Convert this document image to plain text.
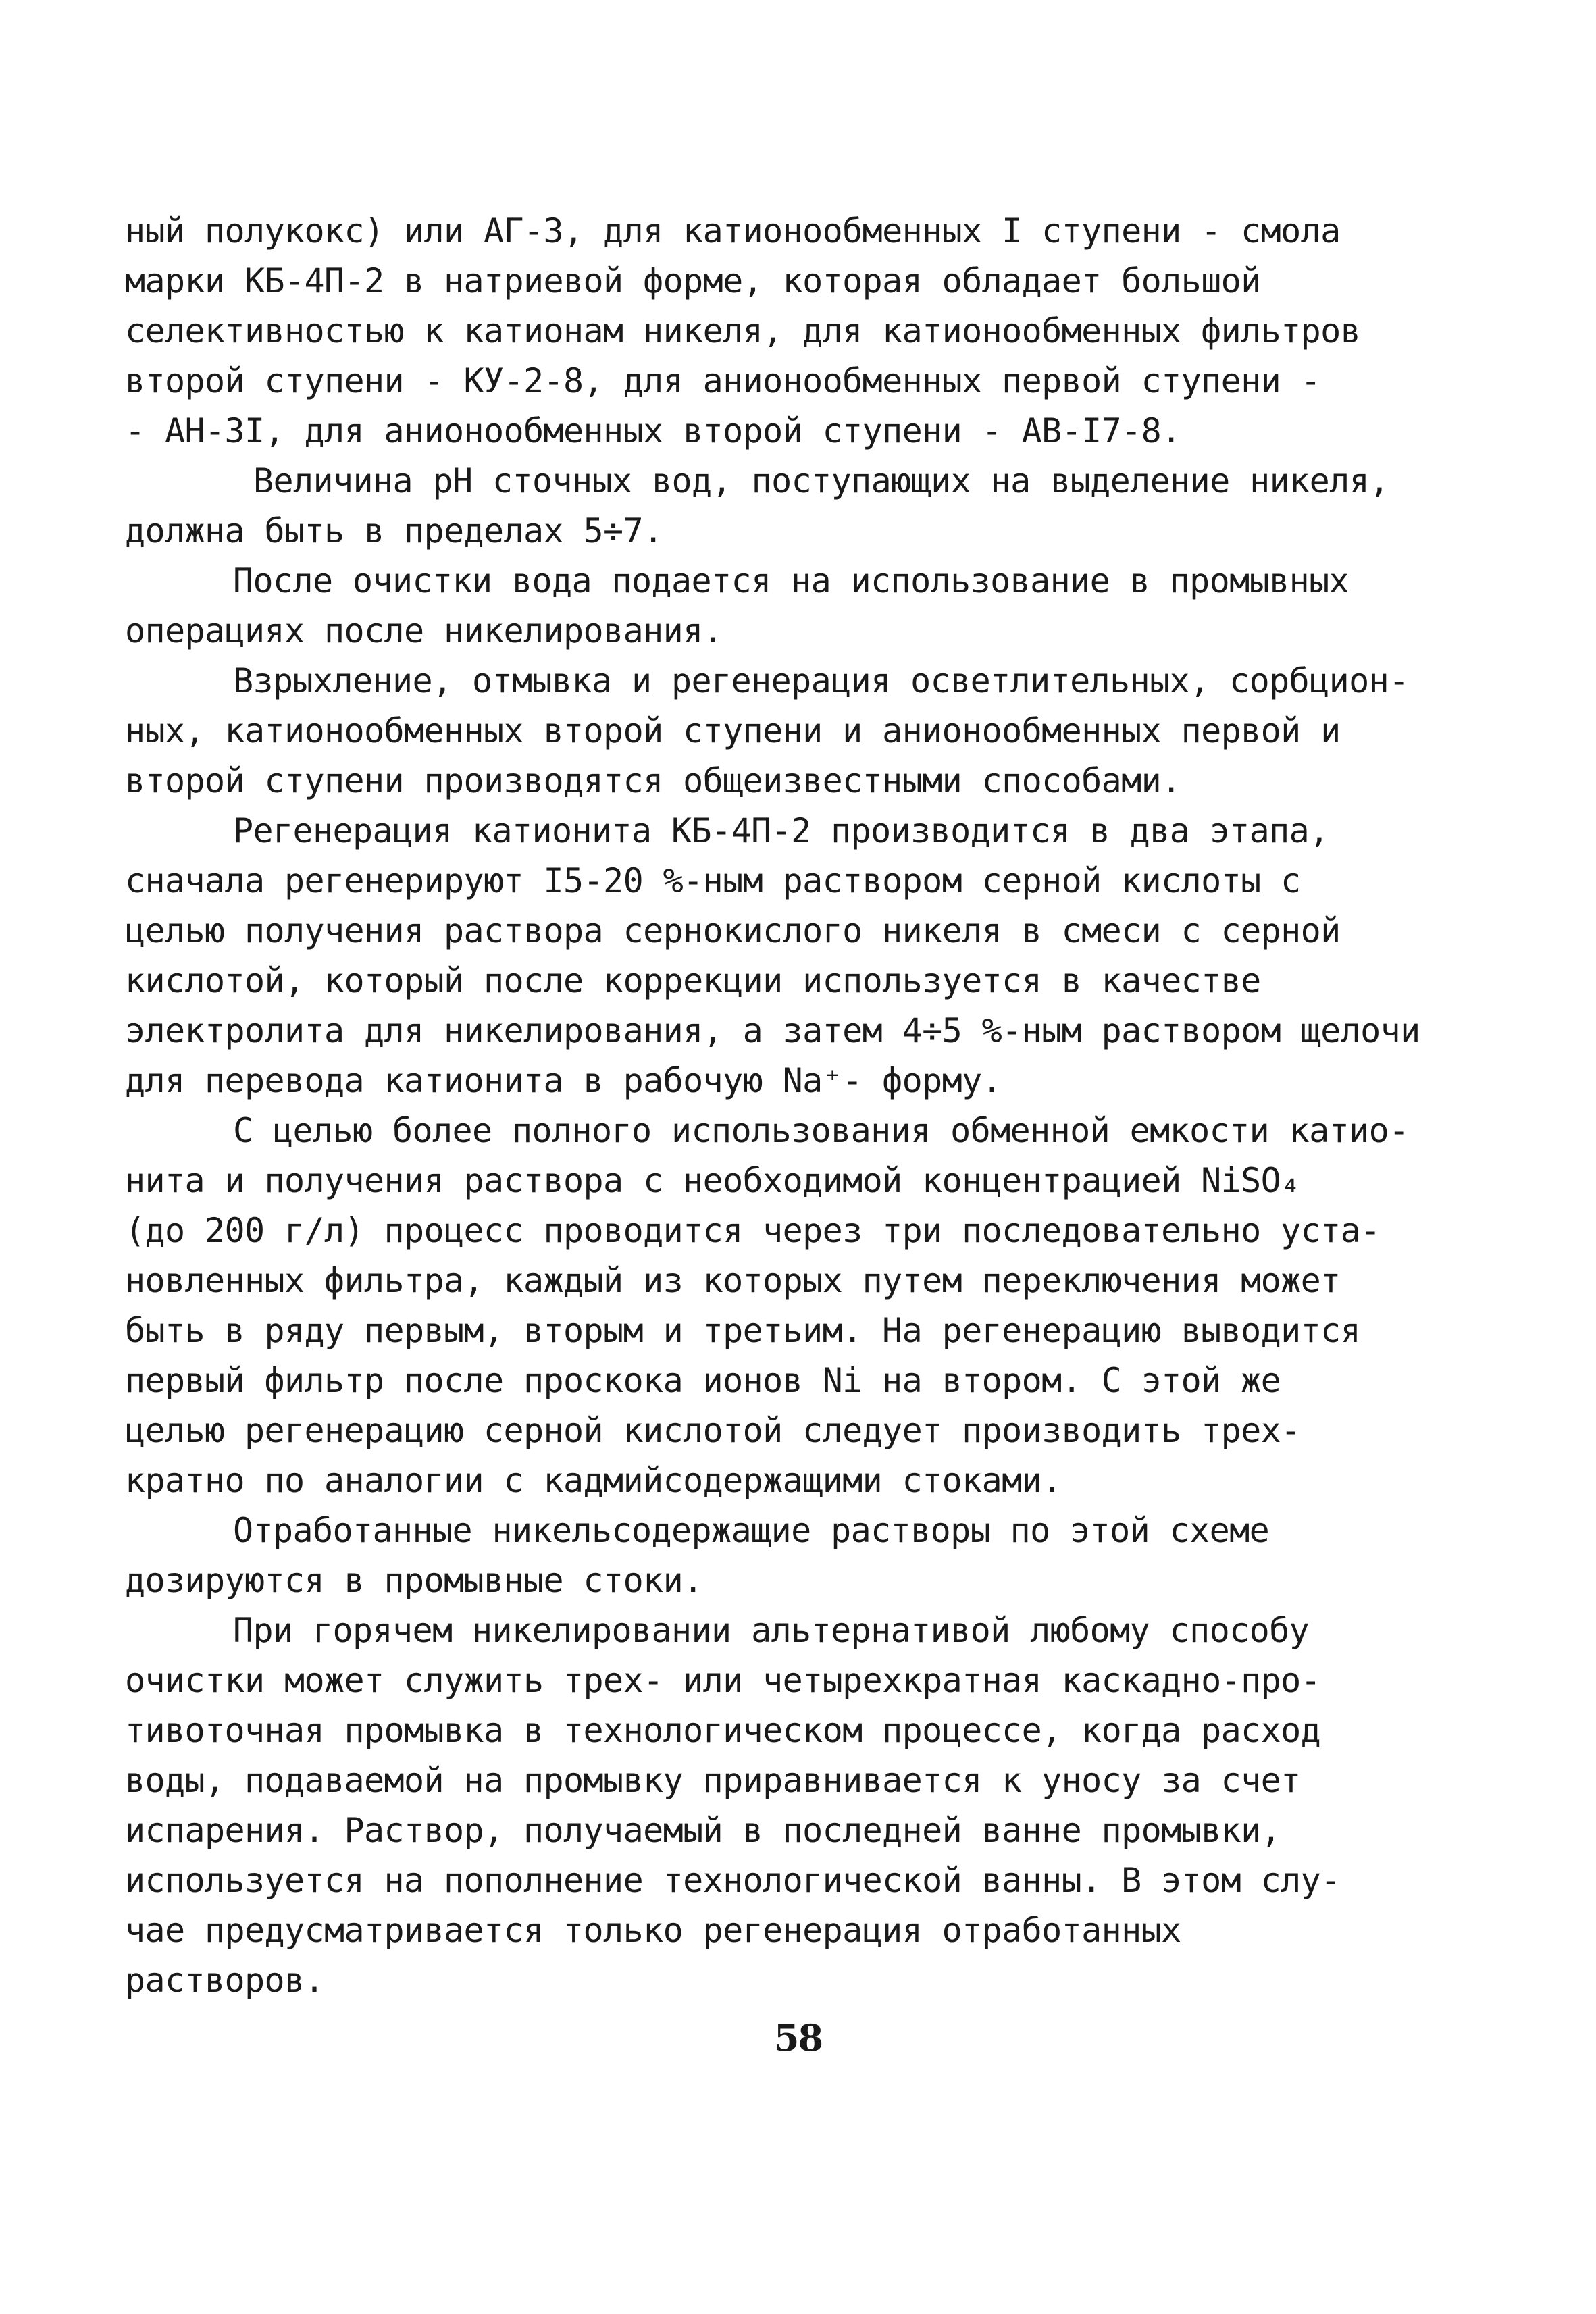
ный полукокс) или АГ-3, для катионообменных I ступени - смола
марки КБ-4П-2 в натриевой форме, которая обладает большой
селективностью к катионам никеля, для катионообменных фильтров
второй ступени - КУ-2-8, для анионообменных первой ступени -
- АН-3I, для анионообменных второй ступени - АВ-I7-8.
Величина рН сточных вод, поступающих на выделение никеля,
должна быть в пределах 5÷7.
После очистки вода подается на использование в промывных
операциях после никелирования.
Взрыхление, отмывка и регенерация осветлительных, сорбцион-
ных, катионообменных второй ступени и анионообменных первой и
второй ступени производятся общеизвестными способами.
Регенерация катионита КБ-4П-2 производится в два этапа,
сначала регенерируют I5-20 %-ным раствором серной кислоты с
целью получения раствора сернокислого никеля в смеси с серной
кислотой, который после коррекции используется в качестве
электролита для никелирования, а затем 4÷5 %-ным раствором щелочи
для перевода катионита в рабочую Na⁺- форму.
С целью более полного использования обменной емкости катио-
нита и получения раствора с необходимой концентрацией NiSO₄
(до 200 г/л) процесс проводится через три последовательно уста-
новленных фильтра, каждый из которых путем переключения может
быть в ряду первым, вторым и третьим. На регенерацию выводится
первый фильтр после проскока ионов Ni на втором. С этой же
целью регенерацию серной кислотой следует производить трех-
кратно по аналогии с кадмийсодержащими стоками.
Отработанные никельсодержащие растворы по этой схеме
дозируются в промывные стоки.
При горячем никелировании альтернативой любому способу
очистки может служить трех- или четырехкратная каскадно-про-
тивоточная промывка в технологическом процессе, когда расход
воды, подаваемой на промывку приравнивается к уносу за счет
испарения. Раствор, получаемый в последней ванне промывки,
используется на пополнение технологической ванны. В этом слу-
чае предусматривается только регенерация отработанных
растворов.
58
